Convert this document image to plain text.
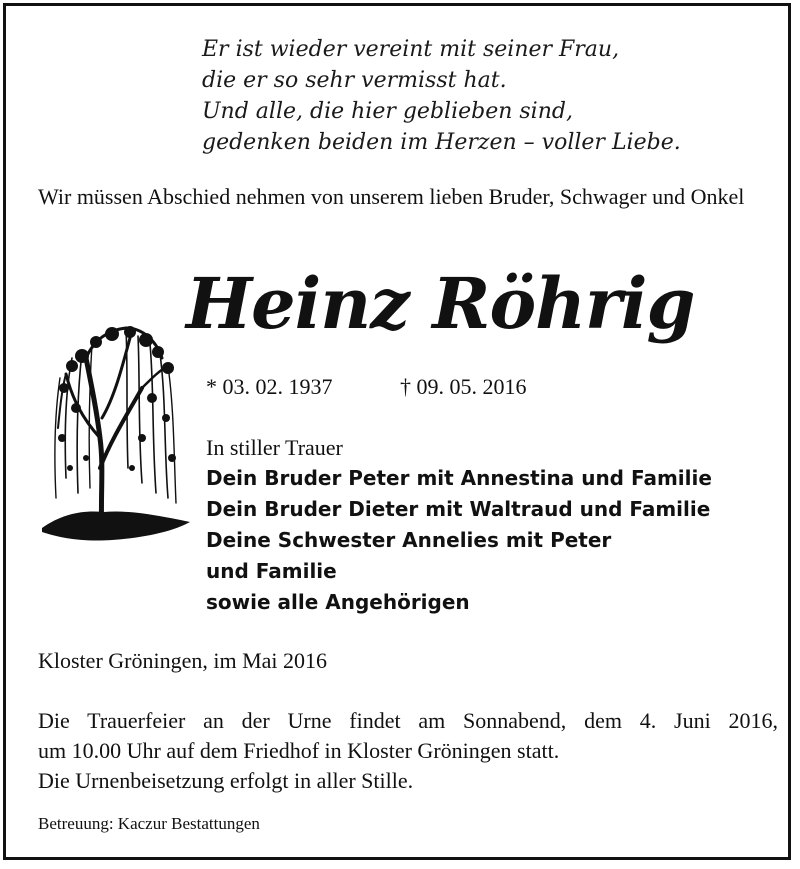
Er ist wieder vereint mit seiner Frau,
die er so sehr vermisst hat.
Und alle, die hier geblieben sind,
gedenken beiden im Herzen – voller Liebe.
Wir müssen Abschied nehmen von unserem lieben Bruder, Schwager und Onkel
Heinz Röhrig
* 03. 02. 1937	† 09. 05. 2016
In stiller Trauer
Dein Bruder Peter mit Annestina und Familie
Dein Bruder Dieter mit Waltraud und Familie
Deine Schwester Annelies mit Peter
und Familie
sowie alle Angehörigen
Kloster Gröningen, im Mai 2016
Die Trauerfeier an der Urne findet am Sonnabend, dem 4. Juni 2016,
um 10.00 Uhr auf dem Friedhof in Kloster Gröningen statt.
Die Urnenbeisetzung erfolgt in aller Stille.
Betreuung: Kaczur Bestattungen
